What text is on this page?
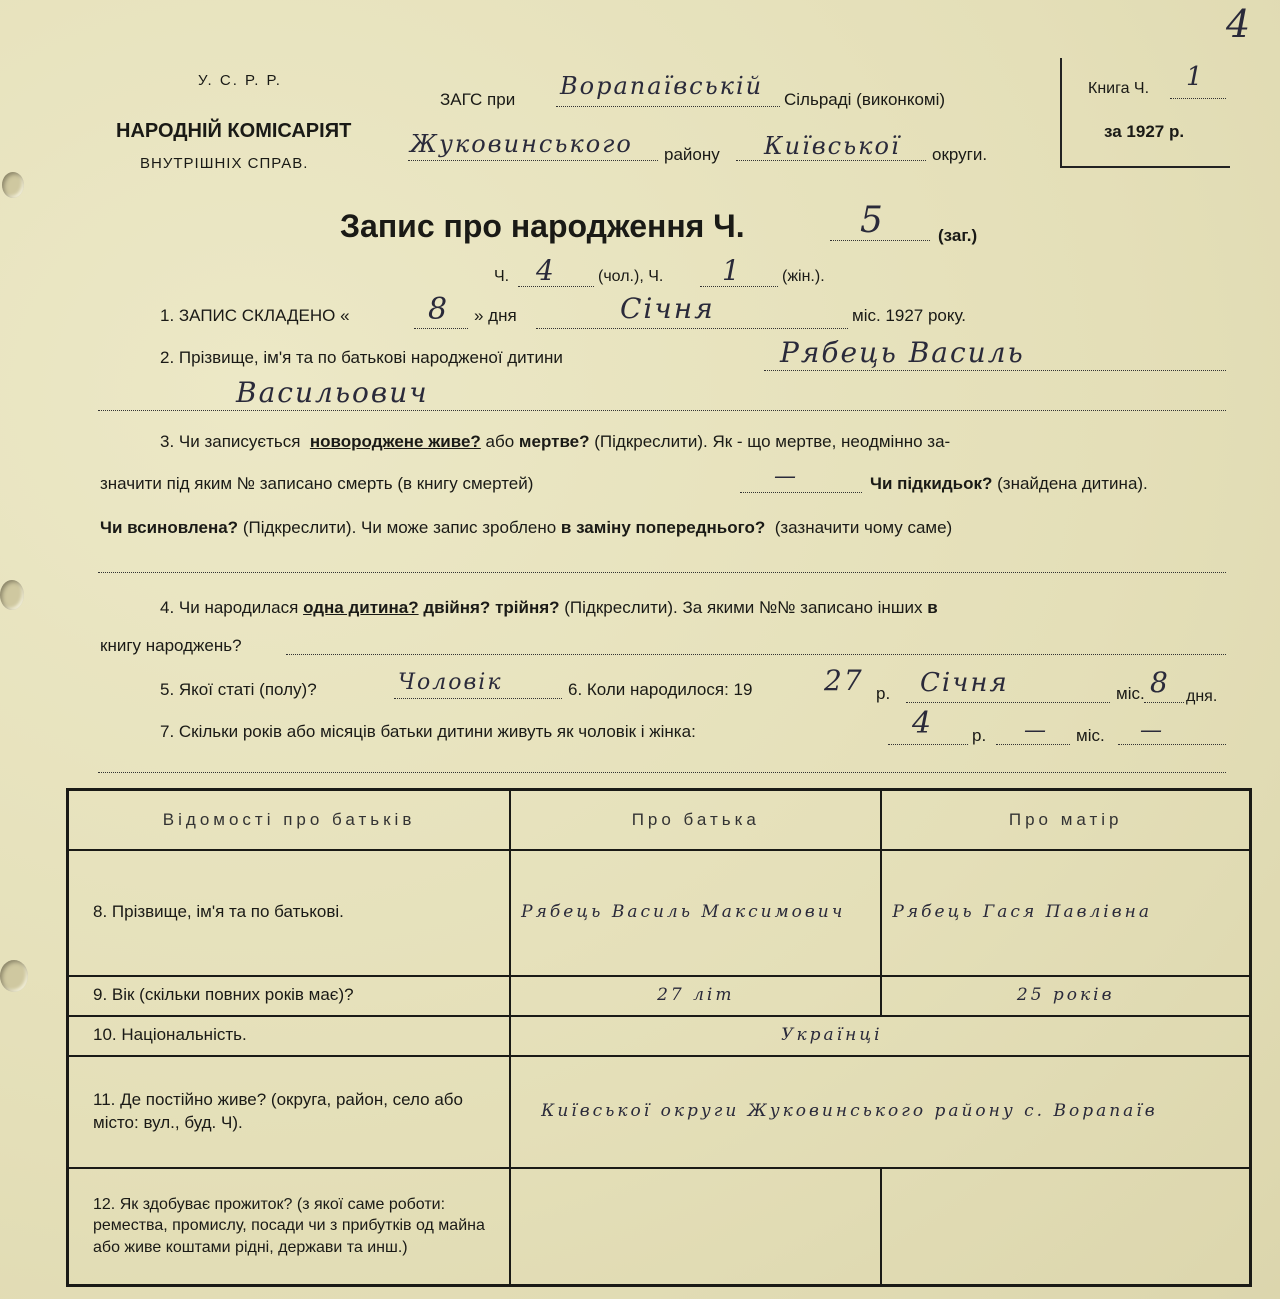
4
У. С. Р. Р.
НАРОДНІЙ КОМІСАРІЯТ
ВНУТРІШНІХ СПРАВ.
ЗАГС при Ворапаївській Сільраді (виконкомі)
Жуковинського району Київської округи.
Книга Ч. 1
за 1927 р.
Запис про народження Ч.	5	(заг.)
Ч. 4	(чол.), Ч. 1	(жін.).
1. ЗАПИС СКЛАДЕНО «	8 » дня	Січня	міс. 1927 року.
2. Прізвище, ім'я та по батькові народженої дитини	Рябець Василь
Васильович
3. Чи записується новороджене живе? або мертве? (Підкреслити). Як - що мертве, неодмінно за-
значити під яким № записано смерть (в книгу смертей)	—	Чи підкидьок? (знайдена дитина).
Чи всиновлена? (Підкреслити). Чи може запис зроблено в заміну попереднього? (зазначити чому саме)
4. Чи народилася одна дитина? двійня? трійня? (Підкреслити). За якими №№ записано інших в
книгу народжень?
5. Якої статі (полу)?	Чоловік	6. Коли народилося: 19	27 р. Січня	міс. 8 дня.
7. Скільки років або місяців батьки дитини живуть як чоловік і жінка:	4 р. — міс. —
Відомості про батьків	Про батька	Про матір
8. Прізвище, ім'я та по батькові.	Рябець Василь Максимович	Рябець Гася Павлівна
9. Вік (скільки повних років має)?	27 літ	25 років
10. Національність.	Українці	
11. Де постійно живе? (округа, район, село або місто: вул., буд. Ч).	Київської округи Жуковинського району с. Ворапаїв	
12. Як здобуває прожиток? (з якої саме роботи: ремества, промислу, посади чи з прибутків од майна або живе коштами рідні, держави та инш.)		
